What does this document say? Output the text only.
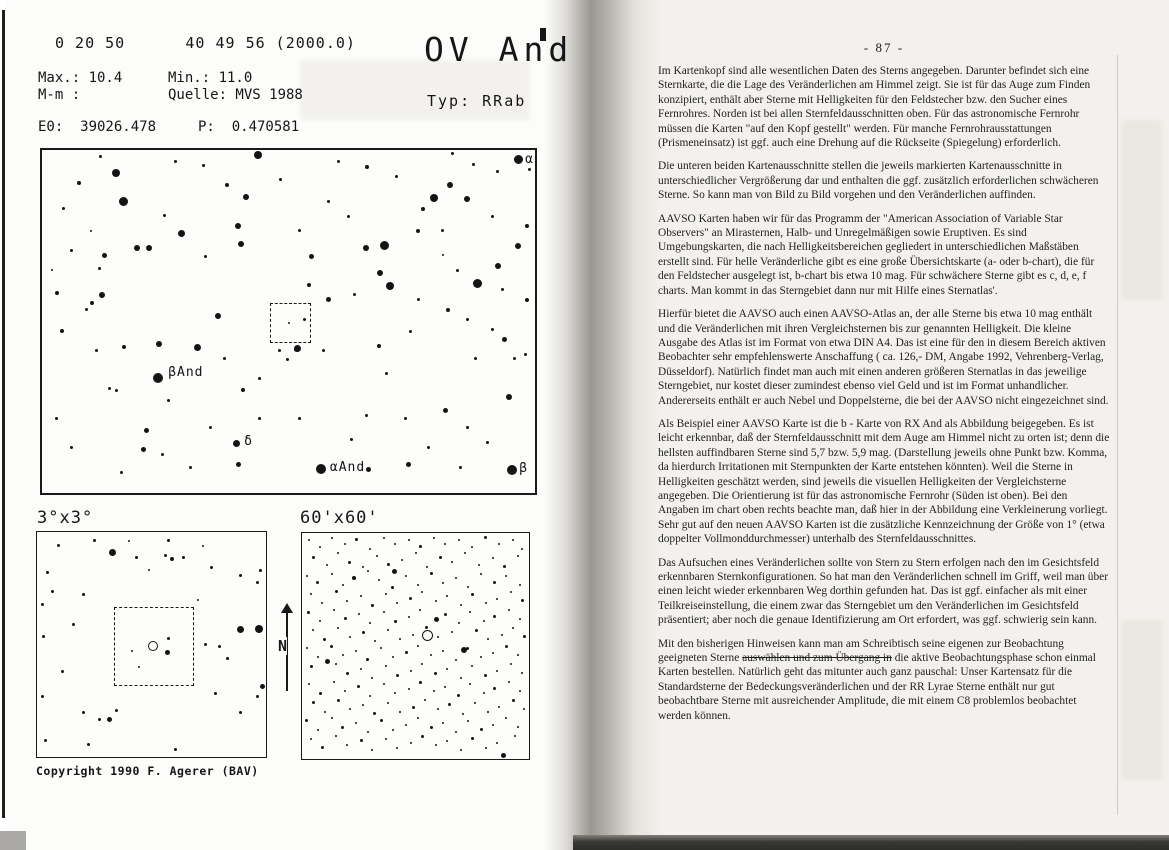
0 20 50      40 49 56 (2000.0) OV And
Typ: RRab
Max.: 10.4	Min.: 11.0
M-m :	Quelle: MVS 1988
E0:  39026.478	P:  0.470581
α
βAnd
δ
αAnd	β
3°x3°	60'x60'
N
Copyright 1990 F. Agerer (BAV)
- 87 -

Im Kartenkopf sind alle wesentlichen Daten des Sterns angegeben. Darunter befindet sich eine Sternkarte, die die Lage des Veränderlichen am Himmel zeigt. Sie ist für das Auge zum Finden konzipiert, enthält aber Sterne mit Helligkeiten für den Feldstecher bzw. den Sucher eines Fernrohres. Norden ist bei allen Sternfeldausschnitten oben. Für das astronomische Fernrohr müssen die Karten "auf den Kopf gestellt" werden. Für manche Fernrohrausstattungen (Prismeneinsatz) ist ggf. auch eine Drehung auf die Rückseite (Spiegelung) erforderlich.

Die unteren beiden Kartenausschnitte stellen die jeweils markierten Kartenausschnitte in unterschiedlicher Vergrößerung dar und enthalten die ggf. zusätzlich erforderlichen schwächeren Sterne. So kann man von Bild zu Bild vorgehen und den Veränderlichen auffinden.

AAVSO Karten haben wir für das Programm der "American Association of Variable Star Observers" an Mirasternen, Halb- und Unregelmäßigen sowie Eruptiven. Es sind Umgebungskarten, die nach Helligkeitsbereichen gegliedert in unterschiedlichen Maßstäben erstellt sind. Für helle Veränderliche gibt es eine große Übersichtskarte (a- oder b-chart), die für den Feldstecher ausgelegt ist, b-chart bis etwa 10 mag. Für schwächere Sterne gibt es c, d, e, f charts. Man kommt in das Sterngebiet dann nur mit Hilfe eines Sternatlas'.

Hierfür bietet die AAVSO auch einen AAVSO-Atlas an, der alle Sterne bis etwa 10 mag enthält und die Veränderlichen mit ihren Vergleichsternen bis zur genannten Helligkeit. Die kleine Ausgabe des Atlas ist im Format von etwa DIN A4. Das ist eine für den in diesem Bereich aktiven Beobachter sehr empfehlenswerte Anschaffung ( ca. 126,- DM, Angabe 1992, Vehrenberg-Verlag, Düsseldorf). Natürlich findet man auch mit einen anderen größeren Sternatlas in das jeweilige Sterngebiet, nur kostet dieser zumindest ebenso viel Geld und ist im Format unhandlicher. Andererseits enthält er auch Nebel und Doppelsterne, die bei der AAVSO nicht eingezeichnet sind.

Als Beispiel einer AAVSO Karte ist die b - Karte von RX And als Abbildung beigegeben. Es ist leicht erkennbar, daß der Sternfeldausschnitt mit dem Auge am Himmel nicht zu orten ist; denn die hellsten auffindbaren Sterne sind 5,7 bzw. 5,9 mag. (Darstellung jeweils ohne Punkt bzw. Komma, da hierdurch Irritationen mit Sternpunkten der Karte entstehen könnten). Weil die Sterne in Helligkeiten geschätzt werden, sind jeweils die visuellen Helligkeiten der Vergleichsterne angegeben. Die Orientierung ist für das astronomische Fernrohr (Süden ist oben). Bei den Angaben im chart oben rechts beachte man, daß hier in der Abbildung eine Verkleinerung vorliegt. Sehr gut auf den neuen AAVSO Karten ist die zusätzliche Kennzeichnung der Größe von 1° (etwa doppelter Vollmonddurchmesser) unterhalb des Sternfeldausschnittes.

Das Aufsuchen eines Veränderlichen sollte von Stern zu Stern erfolgen nach den im Gesichtsfeld erkennbaren Sternkonfigurationen. So hat man den Veränderlichen schnell im Griff, weil man über einen leicht wieder erkennbaren Weg dorthin gefunden hat. Das ist ggf. einfacher als mit einer Teilkreiseinstellung, die einem zwar das Sterngebiet um den Veränderlichen im Gesichtsfeld präsentiert; aber noch die genaue Identifizierung am Ort erfordert, was ggf. schwierig sein kann.

Mit den bisherigen Hinweisen kann man am Schreibtisch seine eigenen zur Beobachtung geeigneten Sterne auswählen und zum Übergang in die aktive Beobachtungsphase schon einmal Karten bestellen. Natürlich geht das mitunter auch ganz pauschal: Unser Kartensatz für die Standardsterne der Bedeckungsveränderlichen und der RR Lyrae Sterne enthält nur gut beobachtbare Sterne mit ausreichender Amplitude, die mit einem C8 problemlos beobachtet werden können.
